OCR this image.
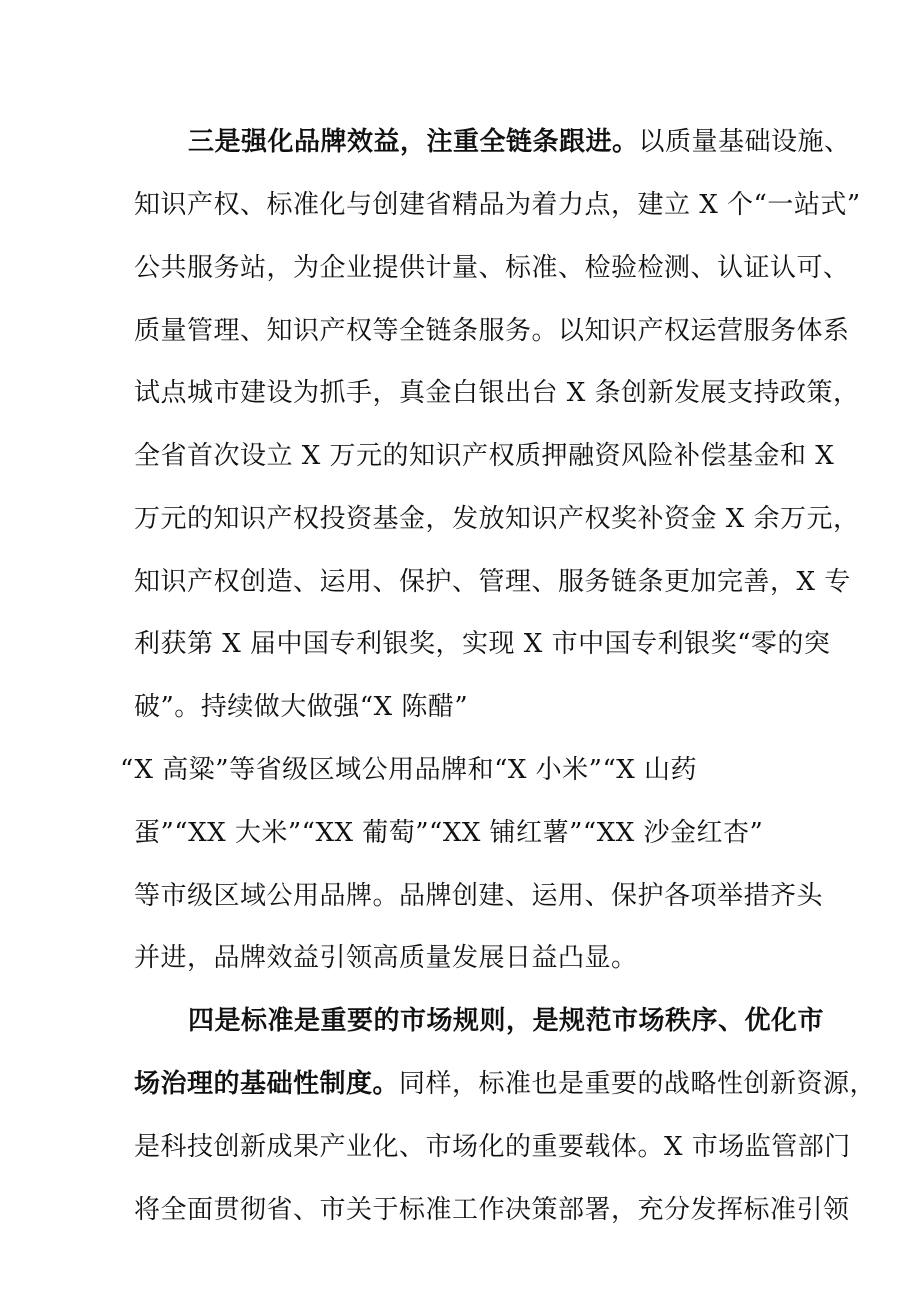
三是强化品牌效益，注重全链条跟进。以质量基础设施、
知识产权、标准化与创建省精品为着力点，建立 X 个“一站式”
公共服务站，为企业提供计量、标准、检验检测、认证认可、
质量管理、知识产权等全链条服务。以知识产权运营服务体系
试点城市建设为抓手，真金白银出台 X 条创新发展支持政策，
全省首次设立 X 万元的知识产权质押融资风险补偿基金和 X
万元的知识产权投资基金，发放知识产权奖补资金 X 余万元，
知识产权创造、运用、保护、管理、服务链条更加完善，X 专
利获第 X 届中国专利银奖，实现 X 市中国专利银奖“零的突
破”。持续做大做强“X 陈醋”
“X 高粱”等省级区域公用品牌和“X 小米”“X 山药
蛋”“XX 大米”“XX 葡萄”“XX 铺红薯”“XX 沙金红杏”
等市级区域公用品牌。品牌创建、运用、保护各项举措齐头
并进，品牌效益引领高质量发展日益凸显。
四是标准是重要的市场规则，是规范市场秩序、优化市
场治理的基础性制度。同样，标准也是重要的战略性创新资源，
是科技创新成果产业化、市场化的重要载体。X 市场监管部门
将全面贯彻省、市关于标准工作决策部署，充分发挥标准引领
